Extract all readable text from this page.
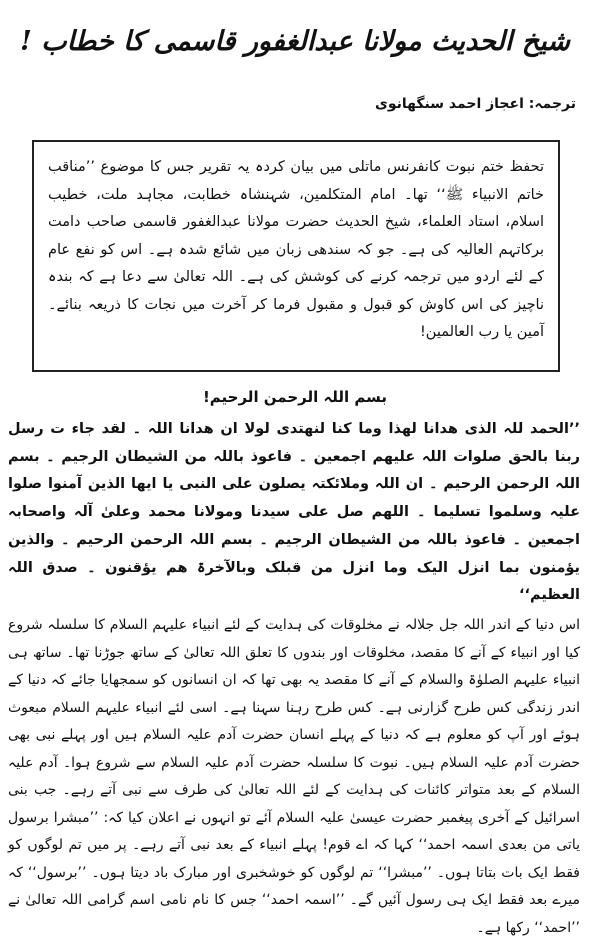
شیخ الحدیث مولانا عبدالغفور قاسمی کا خطاب !
ترجمہ: اعجاز احمد سنگھانوی

تحفظ ختم نبوت کانفرنس ماتلی میں بیان کردہ یہ تقریر جس کا موضوع ’’مناقب خاتم الانبیاء ﷺ‘‘ تھا۔ امام المتکلمین، شہنشاہ خطابت، مجاہد ملت، خطیب اسلام، استاد العلماء، شیخ الحدیث حضرت مولانا عبدالغفور قاسمی صاحب دامت برکاتہم العالیہ کی ہے۔ جو کہ سندھی زبان میں شائع شدہ ہے۔ اس کو نفع عام کے لئے اردو میں ترجمہ کرنے کی کوشش کی ہے۔ اللہ تعالیٰ سے دعا ہے کہ بندہ ناچیز کی اس کاوش کو قبول و مقبول فرما کر آخرت میں نجات کا ذریعہ بنائے۔ آمین یا رب العالمین!

بسم اللہ الرحمن الرحیم!

’’الحمد للہ الذی ھدانا لھذا وما کنا لنھتدی لولا ان ھدانا اللہ ۔ لقد جاء ت رسل ربنا بالحق صلوات اللہ علیھم اجمعین ۔ فاعوذ باللہ من الشیطان الرجیم ۔ بسم اللہ الرحمن الرحیم ۔ ان اللہ وملائکتہ یصلون علی النبی یا ایھا الذین آمنوا صلوا علیہ وسلموا تسلیما ۔ اللھم صل علی سیدنا ومولانا محمد وعلیٰ آلہ واصحابہ اجمعین ۔ فاعوذ باللہ من الشیطان الرجیم ۔ بسم اللہ الرحمن الرحیم ۔ والذین یؤمنون بما انزل الیک وما انزل من قبلک وبالآخرۃ ھم یؤقنون ۔ صدق اللہ العظیم‘‘

اس دنیا کے اندر اللہ جل جلالہ نے مخلوقات کی ہدایت کے لئے انبیاء علیہم السلام کا سلسلہ شروع کیا اور انبیاء کے آنے کا مقصد، مخلوقات اور بندوں کا تعلق اللہ تعالیٰ کے ساتھ جوڑنا تھا۔ ساتھ ہی انبیاء علیہم الصلوٰۃ والسلام کے آنے کا مقصد یہ بھی تھا کہ ان انسانوں کو سمجھایا جائے کہ دنیا کے اندر زندگی کس طرح گزارنی ہے۔ کس طرح رہنا سہنا ہے۔ اسی لئے انبیاء علیہم السلام مبعوث ہوئے اور آپ کو معلوم ہے کہ دنیا کے پہلے انسان حضرت آدم علیہ السلام ہیں اور پہلے نبی بھی حضرت آدم علیہ السلام ہیں۔ نبوت کا سلسلہ حضرت آدم علیہ السلام سے شروع ہوا۔ آدم علیہ السلام کے بعد متواتر کائنات کی ہدایت کے لئے اللہ تعالیٰ کی طرف سے نبی آتے رہے۔ جب بنی اسرائیل کے آخری پیغمبر حضرت عیسیٰ علیہ السلام آئے تو انہوں نے اعلان کیا کہ: ’’مبشرا برسول یاتی من بعدی اسمہ احمد‘‘ کہا کہ اے قوم! پہلے انبیاء کے بعد نبی آتے رہے۔ پر میں تم لوگوں کو فقط ایک بات بتاتا ہوں۔ ’’مبشرا‘‘ تم لوگوں کو خوشخبری اور مبارک باد دیتا ہوں۔ ’’برسول‘‘ کہ میرے بعد فقط ایک ہی رسول آئیں گے۔ ’’اسمہ احمد‘‘ جس کا نام نامی اسم گرامی اللہ تعالیٰ نے ’’احمد‘‘ رکھا ہے۔
